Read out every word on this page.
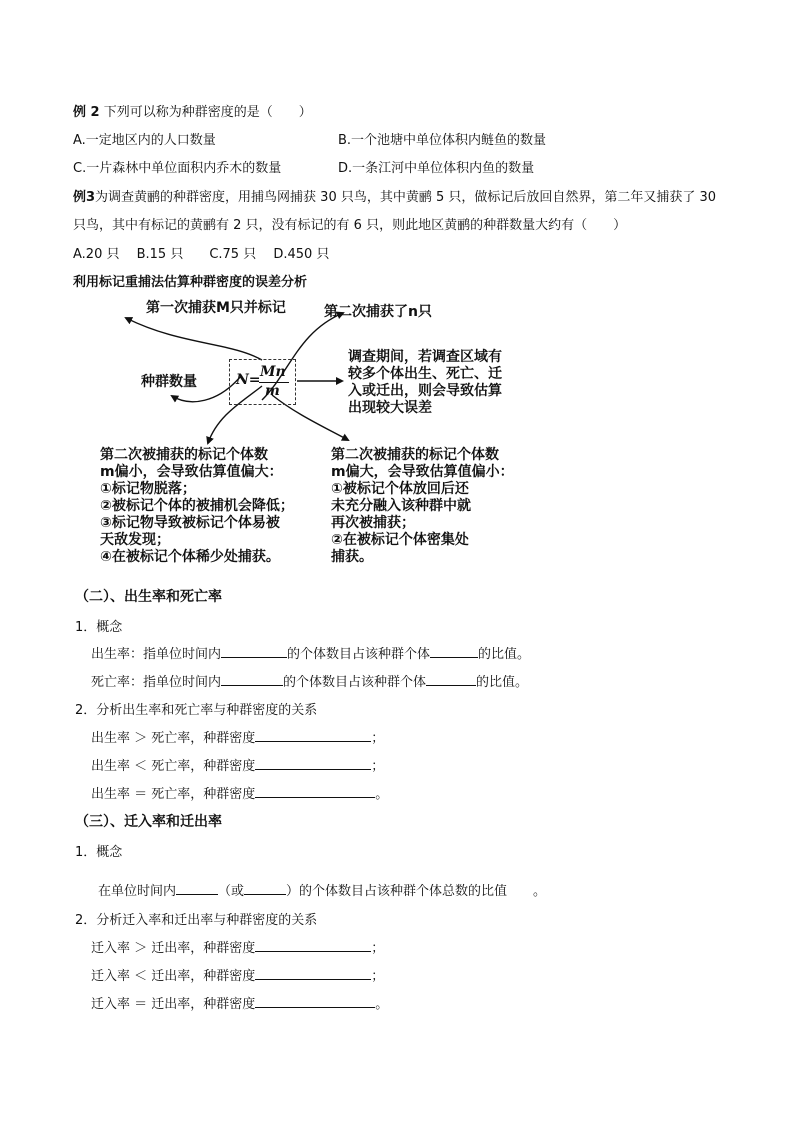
例 2 下列可以称为种群密度的是（　　）
A.一定地区内的人口数量	B.一个池塘中单位体积内鲢鱼的数量
C.一片森林中单位面积内乔木的数量	D.一条江河中单位体积内鱼的数量
例3为调查黄鹂的种群密度，用捕鸟网捕获 30 只鸟，其中黄鹂 5 只，做标记后放回自然界，第二年又捕获了 30
只鸟，其中有标记的黄鹂有 2 只，没有标记的有 6 只，则此地区黄鹂的种群数量大约有（　　）
A.20 只　 B.15 只　　C.75 只　 D.450 只
利用标记重捕法估算种群密度的误差分析
第一次捕获M只并标记	第二次捕获了n只
种群数量	N= Mn
m
调查期间，若调查区域有
较多个体出生、死亡、迁
入或迁出，则会导致估算
出现较大误差
第二次被捕获的标记个体数
m偏小，会导致估算值偏大：
①标记物脱落；
②被标记个体的被捕机会降低；
③标记物导致被标记个体易被
天敌发现；
④在被标记个体稀少处捕获。
第二次被捕获的标记个体数
m偏大，会导致估算值偏小：
①被标记个体放回后还
未充分融入该种群中就
再次被捕获；
②在被标记个体密集处
捕获。
（二）、出生率和死亡率
1．概念
出生率：指单位时间内	的个体数目占该种群个体	的比值。
死亡率：指单位时间内	的个体数目占该种群个体	的比值。
2．分析出生率和死亡率与种群密度的关系
出生率 ＞ 死亡率，种群密度	；
出生率 ＜ 死亡率，种群密度	；
出生率 ＝ 死亡率，种群密度	。
（三）、迁入率和迁出率
1．概念
在单位时间内	（或	）的个体数目占该种群个体总数的比值 。
2．分析迁入率和迁出率与种群密度的关系
迁入率 ＞ 迁出率，种群密度	；
迁入率 ＜ 迁出率，种群密度	；
迁入率 ＝ 迁出率，种群密度	。
